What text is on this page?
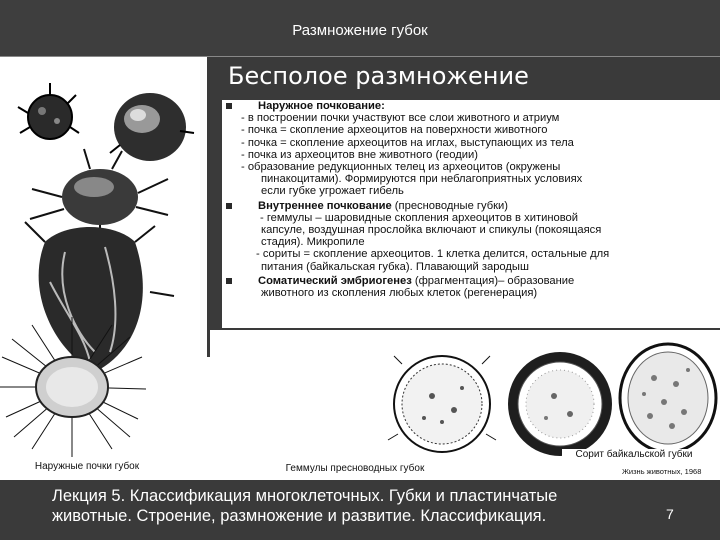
Размножение губок
Бесполое размножение
Наружное почкование:
- в построении почки участвуют все слои животного и атриум
- почка = скопление археоцитов на поверхности животного
- почка = скопление археоцитов на иглах, выступающих из тела
- почка из археоцитов вне животного (геодии)
- образование редукционных телец из археоцитов (окружены
пинакоцитами). Формируются при неблагоприятных условиях
если губке угрожает гибель
Внутреннее почкование (пресноводные губки)
- геммулы – шаровидные скопления археоцитов в хитиновой
капсуле, воздушная прослойка включают и спикулы (покоящаяся
стадия). Микропиле
- сориты = скопление археоцитов. 1 клетка делится, остальные для
питания (байкальская губка). Плавающий зародыш
Соматический эмбриогенез (фрагментация)– образование
животного из скопления любых клеток (регенерация)
Наружные почки губок	Геммулы пресноводных губок
Сорит байкальской губки
Жизнь животных, 1968
Лекция 5. Классификация многоклеточных. Губки и пластинчатые животные. Строение, размножение и развитие. Классификация.	7
